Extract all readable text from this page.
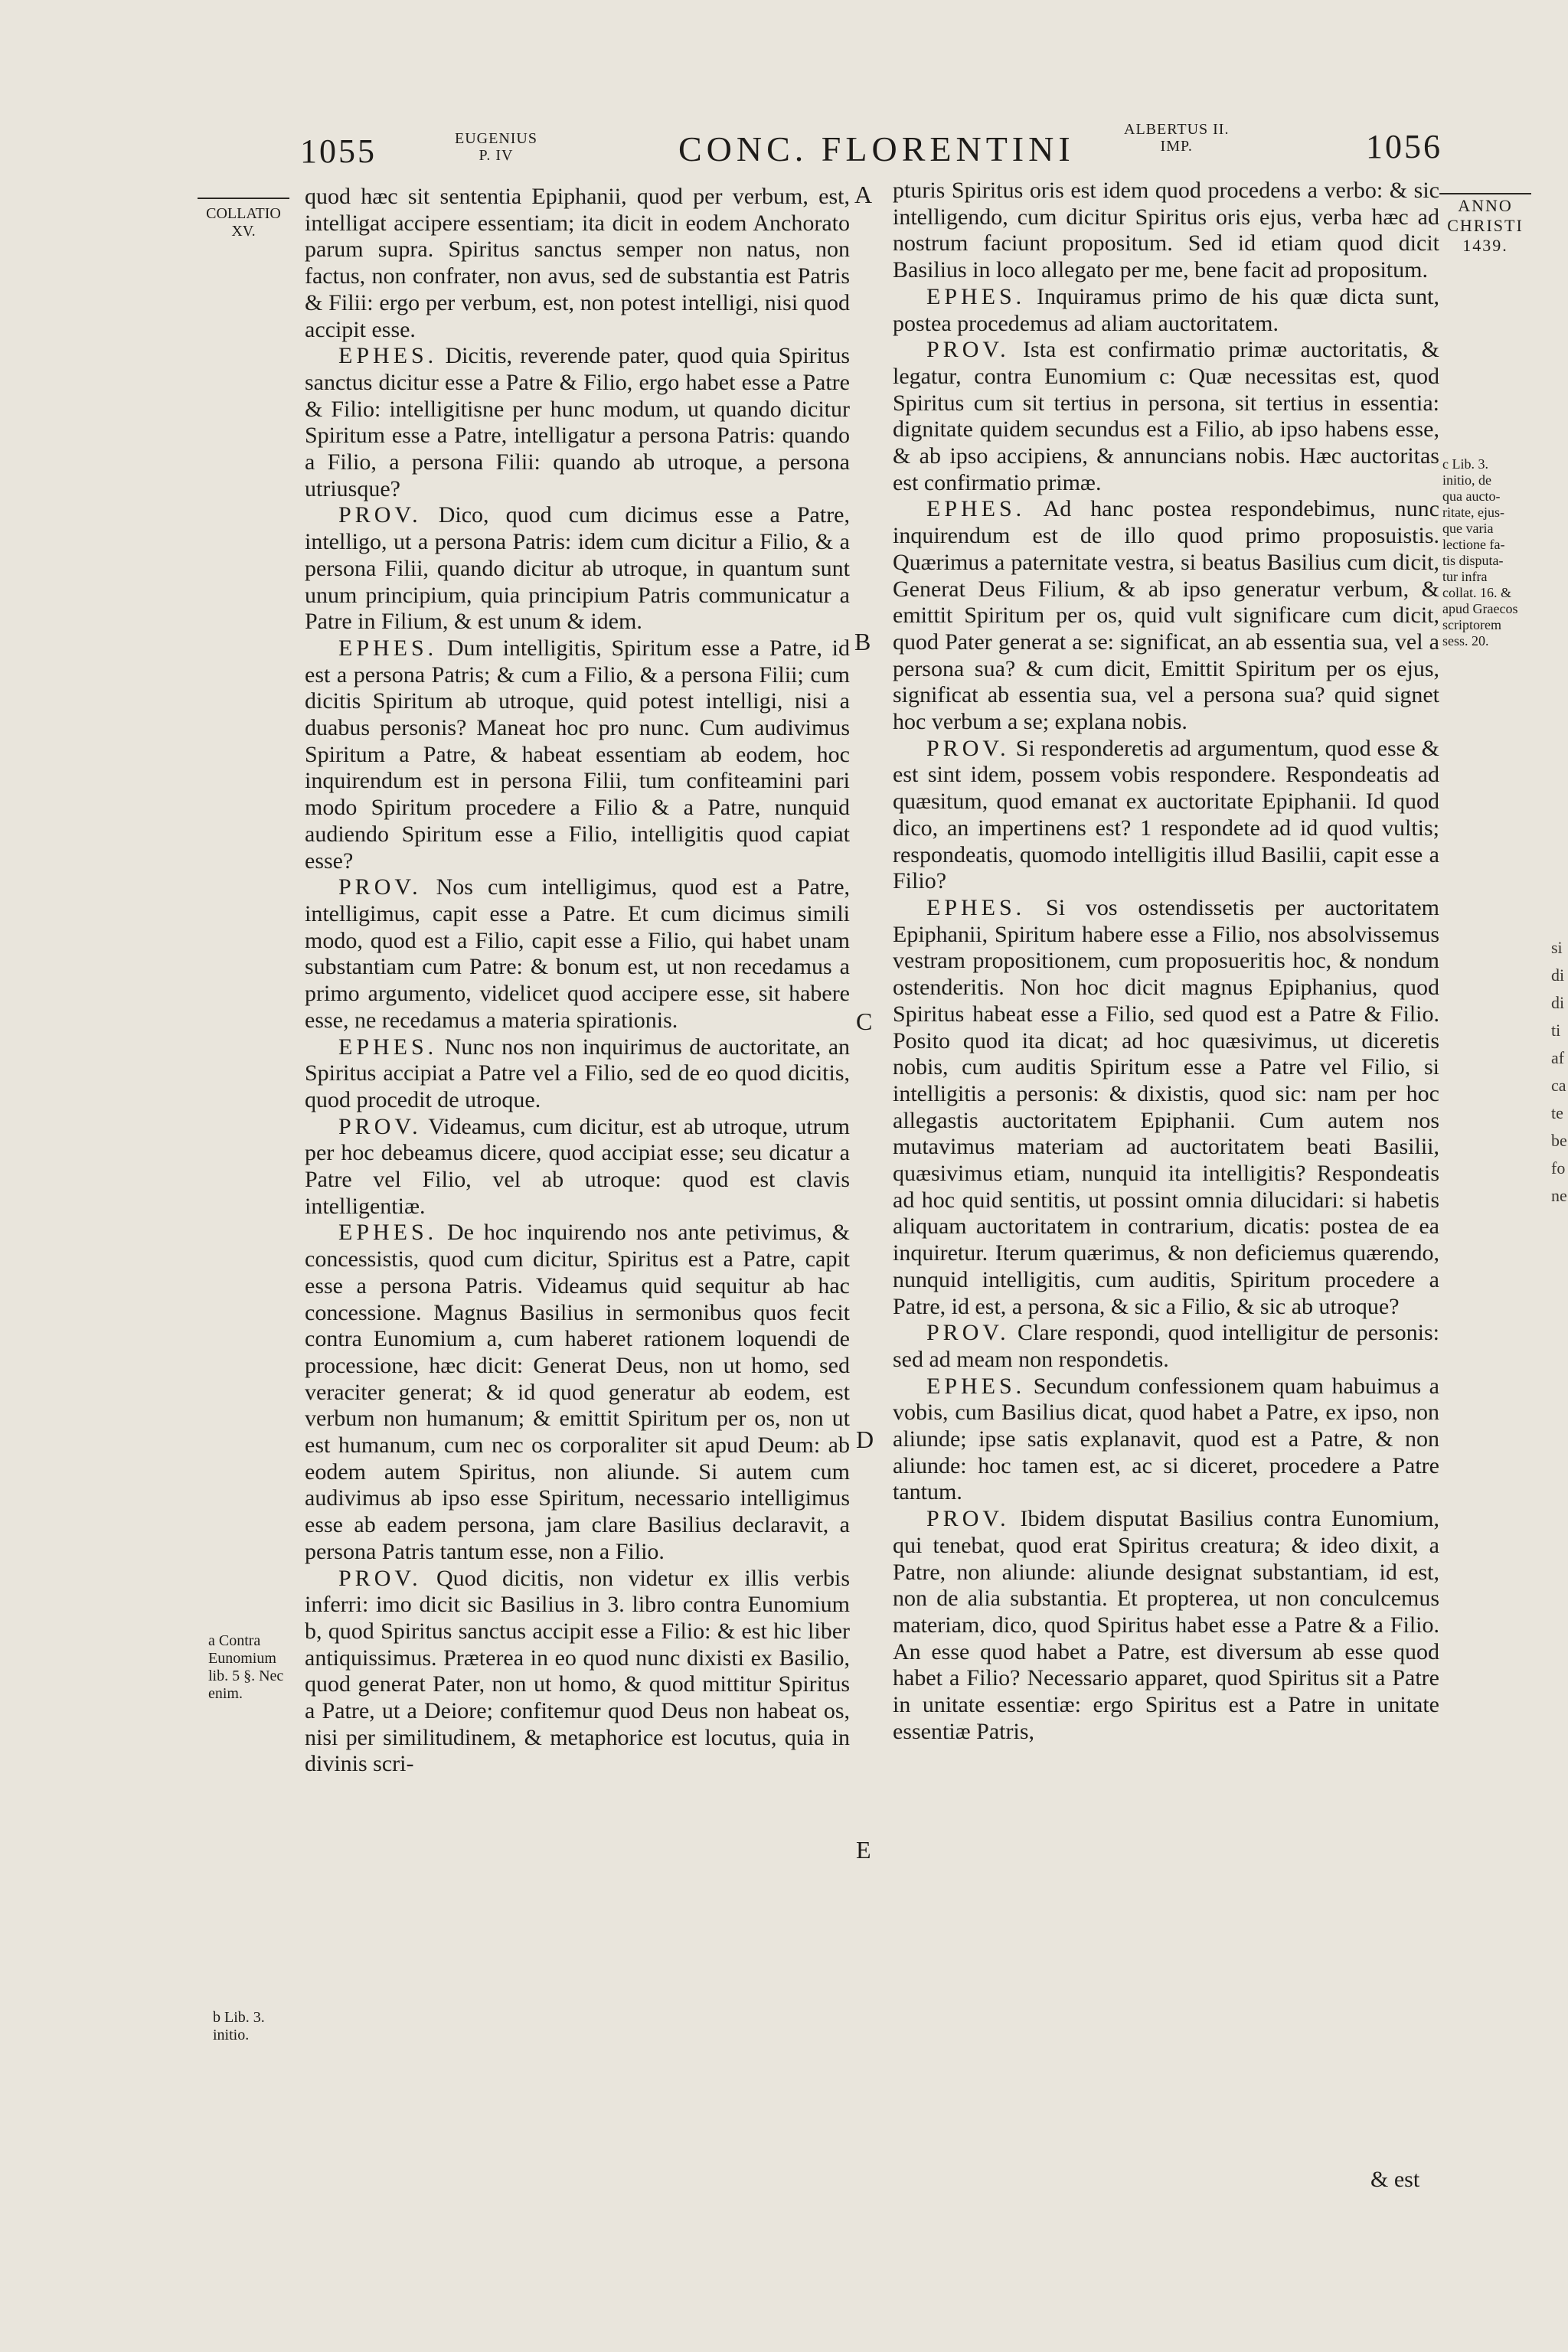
1055	EUGENIUS
P. IV	CONC. FLORENTINI	ALBERTUS II.
IMP.	1056
COLLATIO
XV.
a Contra
Eunomium
lib. 5 §. Nec
enim.
b Lib. 3.
initio.

quod hæc sit sententia Epiphanii, quod per verbum, est, intelligat accipere essentiam; ita dicit in eodem Anchorato parum supra. Spiritus sanctus semper non natus, non factus, non confrater, non avus, sed de substantia est Patris & Filii: ergo per verbum, est, non potest intelligi, nisi quod accipit esse.

EPHES. Dicitis, reverende pater, quod quia Spiritus sanctus dicitur esse a Patre & Filio, ergo habet esse a Patre & Filio: intelligitisne per hunc modum, ut quando dicitur Spiritum esse a Patre, intelligatur a persona Patris: quando a Filio, a persona Filii: quando ab utroque, a persona utriusque?

PROV. Dico, quod cum dicimus esse a Patre, intelligo, ut a persona Patris: idem cum dicitur a Filio, & a persona Filii, quando dicitur ab utroque, in quantum sunt unum principium, quia principium Patris communicatur a Patre in Filium, & est unum & idem.

EPHES. Dum intelligitis, Spiritum esse a Patre, id est a persona Patris; & cum a Filio, & a persona Filii; cum dicitis Spiritum ab utroque, quid potest intelligi, nisi a duabus personis? Maneat hoc pro nunc. Cum audivimus Spiritum a Patre, & habeat essentiam ab eodem, hoc inquirendum est in persona Filii, tum confiteamini pari modo Spiritum procedere a Filio & a Patre, nunquid audiendo Spiritum esse a Filio, intelligitis quod capiat esse?

PROV. Nos cum intelligimus, quod est a Patre, intelligimus, capit esse a Patre. Et cum dicimus simili modo, quod est a Filio, capit esse a Filio, qui habet unam substantiam cum Patre: & bonum est, ut non recedamus a primo argumento, videlicet quod accipere esse, sit habere esse, ne recedamus a materia spirationis.

EPHES. Nunc nos non inquirimus de auctoritate, an Spiritus accipiat a Patre vel a Filio, sed de eo quod dicitis, quod procedit de utroque.

PROV. Videamus, cum dicitur, est ab utroque, utrum per hoc debeamus dicere, quod accipiat esse; seu dicatur a Patre vel Filio, vel ab utroque: quod est clavis intelligentiæ.

EPHES. De hoc inquirendo nos ante petivimus, & concessistis, quod cum dicitur, Spiritus est a Patre, capit esse a persona Patris. Videamus quid sequitur ab hac concessione. Magnus Basilius in sermonibus quos fecit contra Eunomium a, cum haberet rationem loquendi de processione, hæc dicit: Generat Deus, non ut homo, sed veraciter generat; & id quod generatur ab eodem, est verbum non humanum; & emittit Spiritum per os, non ut est humanum, cum nec os corporaliter sit apud Deum: ab eodem autem Spiritus, non aliunde. Si autem cum audivimus ab ipso esse Spiritum, necessario intelligimus esse ab eadem persona, jam clare Basilius declaravit, a persona Patris tantum esse, non a Filio.

PROV. Quod dicitis, non videtur ex illis verbis inferri: imo dicit sic Basilius in 3. libro contra Eunomium b, quod Spiritus sanctus accipit esse a Filio: & est hic liber antiquissimus. Præterea in eo quod nunc dixisti ex Basilio, quod generat Pater, non ut homo, & quod mittitur Spiritus a Patre, ut a Deiore; confitemur quod Deus non habeat os, nisi per similitudinem, & metaphorice est locutus, quia in divinis scri-

A
B
C
D
E

pturis Spiritus oris est idem quod procedens a verbo: & sic intelligendo, cum dicitur Spiritus oris ejus, verba hæc ad nostrum faciunt propositum. Sed id etiam quod dicit Basilius in loco allegato per me, bene facit ad propositum.

EPHES. Inquiramus primo de his quæ dicta sunt, postea procedemus ad aliam auctoritatem.

PROV. Ista est confirmatio primæ auctoritatis, & legatur, contra Eunomium c: Quæ necessitas est, quod Spiritus cum sit tertius in persona, sit tertius in essentia: dignitate quidem secundus est a Filio, ab ipso habens esse, & ab ipso accipiens, & annuncians nobis. Hæc auctoritas est confirmatio primæ.

EPHES. Ad hanc postea respondebimus, nunc inquirendum est de illo quod primo proposuistis. Quærimus a paternitate vestra, si beatus Basilius cum dicit, Generat Deus Filium, & ab ipso generatur verbum, & emittit Spiritum per os, quid vult significare cum dicit, quod Pater generat a se: significat, an ab essentia sua, vel a persona sua? & cum dicit, Emittit Spiritum per os ejus, significat ab essentia sua, vel a persona sua? quid signet hoc verbum a se; explana nobis.

PROV. Si responderetis ad argumentum, quod esse & est sint idem, possem vobis respondere. Respondeatis ad quæsitum, quod emanat ex auctoritate Epiphanii. Id quod dico, an impertinens est? 1 respondete ad id quod vultis; respondeatis, quomodo intelligitis illud Basilii, capit esse a Filio?

EPHES. Si vos ostendissetis per auctoritatem Epiphanii, Spiritum habere esse a Filio, nos absolvissemus vestram propositionem, cum proposueritis hoc, & nondum ostenderitis. Non hoc dicit magnus Epiphanius, quod Spiritus habeat esse a Filio, sed quod est a Patre & Filio. Posito quod ita dicat; ad hoc quæsivimus, ut diceretis nobis, cum auditis Spiritum esse a Patre vel Filio, si intelligitis a personis: & dixistis, quod sic: nam per hoc allegastis auctoritatem Epiphanii. Cum autem nos mutavimus materiam ad auctoritatem beati Basilii, quæsivimus etiam, nunquid ita intelligitis? Respondeatis ad hoc quid sentitis, ut possint omnia dilucidari: si habetis aliquam auctoritatem in contrarium, dicatis: postea de ea inquiretur. Iterum quærimus, & non deficiemus quærendo, nunquid intelligitis, cum auditis, Spiritum procedere a Patre, id est, a persona, & sic a Filio, & sic ab utroque?

PROV. Clare respondi, quod intelligitur de personis: sed ad meam non respondetis.

EPHES. Secundum confessionem quam habuimus a vobis, cum Basilius dicat, quod habet a Patre, ex ipso, non aliunde; ipse satis explanavit, quod est a Patre, & non aliunde: hoc tamen est, ac si diceret, procedere a Patre tantum.

PROV. Ibidem disputat Basilius contra Eunomium, qui tenebat, quod erat Spiritus creatura; & ideo dixit, a Patre, non aliunde: aliunde designat substantiam, id est, non de alia substantia. Et propterea, ut non conculcemus materiam, dico, quod Spiritus habet esse a Patre & a Filio. An esse quod habet a Patre, est diversum ab esse quod habet a Filio? Necessario apparet, quod Spiritus sit a Patre in unitate essentiæ: ergo Spiritus est a Patre in unitate essentiæ Patris,

& est
ANNO
CHRISTI
1439.
c Lib. 3.
initio, de
qua aucto-
ritate, ejus-
que varia
lectione fa-
tis disputa-
tur infra
collat. 16. &
apud Graecos
scriptorem
sess. 20.
si
di
di
ti
af
ca
te
be
fo
ne
